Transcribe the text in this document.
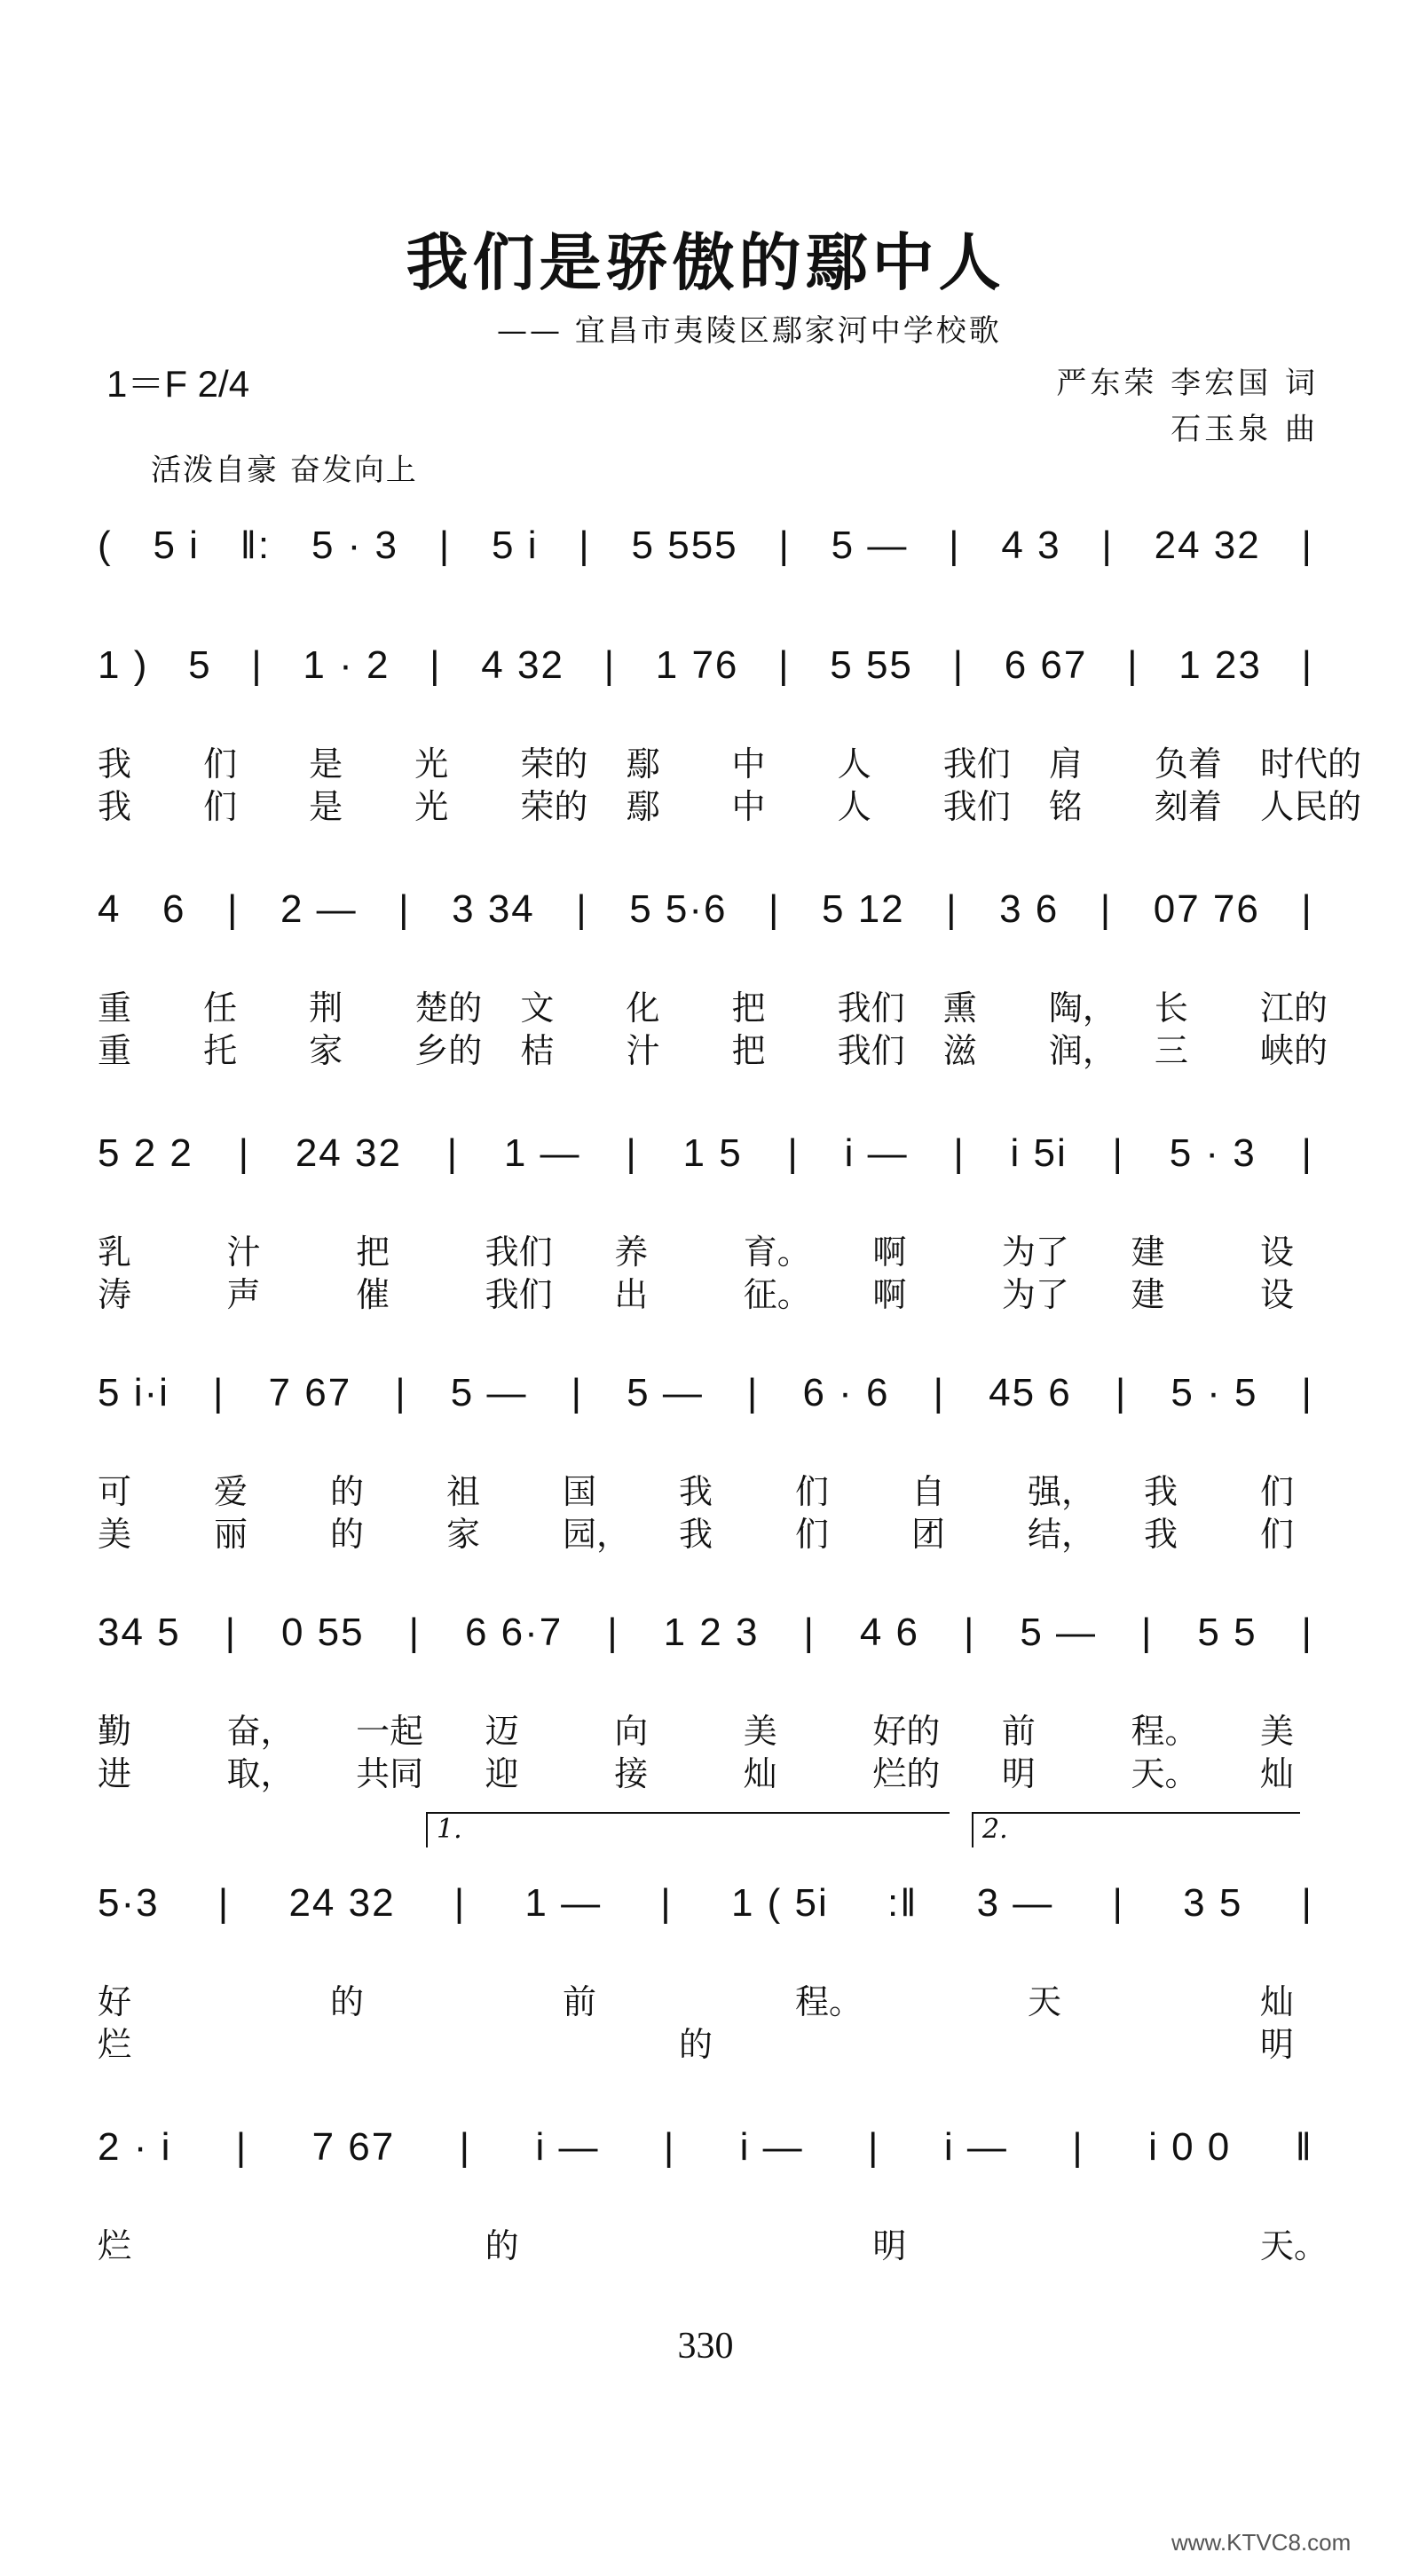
我们是骄傲的鄢中人
—— 宜昌市夷陵区鄢家河中学校歌
1＝F 2/4	严东荣 李宏国 词
石玉泉 曲
活泼自豪 奋发向上
( 5 i ‖: 5 · 3 | 5 i | 5 555 | 5 — | 4 3 | 24 32 |
1 ) 5 | 1 · 2 | 4 32 | 1 76 | 5 55 | 6 67 | 1 23 |
我 们 是 光 荣的 鄢 中 人 我们 肩 负着 时代的
我 们 是 光 荣的 鄢 中 人 我们 铭 刻着 人民的
4 6 | 2 — | 3 34 | 5 5·6 | 5 12 | 3 6 | 07 76 |
重 任 荆 楚的 文 化 把 我们 熏 陶， 长 江的
重 托 家 乡的 桔 汁 把 我们 滋 润， 三 峡的
5 2 2 | 24 32 | 1 — | 1 5 | i — | i 5i | 5 · 3 |
乳	汁	把	我们 养	育。 啊	为了 建	设
涛	声	催	我们 出	征。 啊	为了 建	设
5 i·i | 7 67 | 5 — | 5 — | 6 · 6 | 45 6 | 5 · 5 |
可 爱 的 祖 国 我 们 自 强， 我 们
美 丽 的 家 园， 我 们 团 结， 我 们
34 5 | 0 55 | 6 6·7 | 1 2 3 | 4 6 | 5 — | 5 5 |
勤	奋， 一起 迈	向	美	好的 前	程。 美
进	取， 共同 迎	接	灿	烂的 明	天。 灿
5·3 | 24 32 | 1 — | 1 ( 5i :‖ 3 — | 3 5 |
1.	2.
好	的	前	程。	天	灿
烂	的	明
2 · i | 7 67 | i — | i — | i — | i 0 0 ‖
烂	的	明	天。
330
www.KTVC8.com
